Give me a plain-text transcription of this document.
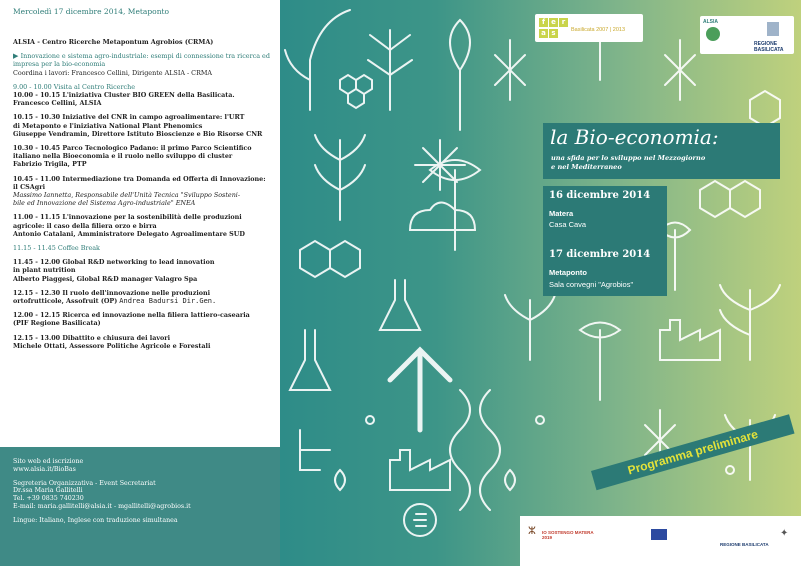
Mercoledì 17 dicembre 2014, Metaponto
ALSIA - Centro Ricerche Metapontum Agrobios (CRMA)
▶ Innovazione e sistema agro-industriale: esempi di connessione tra ricerca ed impresa per la bio-economia
Coordina i lavori: Francesco Cellini, Dirigente ALSIA - CRMA
9.00 - 10.00 Visita al Centro Ricerche
10.00 - 10.15 L'iniziativa Cluster BIO GREEN della Basilicata.
Francesco Cellini, ALSIA
10.15 - 10.30 Iniziative del CNR in campo agroalimentare: l'URT
di Metaponto e l'iniziativa National Plant Phenomics
Giuseppe Vendramin, Direttore Istituto Bioscienze e Bio Risorse CNR
10.30 - 10.45 Parco Tecnologico Padano: il primo Parco Scientifico
italiano nella Bioeconomia e il ruolo nello sviluppo di cluster
Fabrizio Trigila, PTP
10.45 - 11.00 Intermediazione tra Domanda ed Offerta di Innovazione:
il CSAgri
Massimo Iannetta, Responsabile dell'Unità Tecnica "Sviluppo Sosteni-
bile ed Innovazione del Sistema Agro-industriale" ENEA
11.00 - 11.15 L'innovazione per la sostenibilità delle produzioni
agricole: il caso della filiera orzo e birra
Antonio Catalani, Amministratore Delegato Agroalimentare SUD
11.15 - 11.45 Coffee Break
11.45 - 12.00 Global R&D networking to lead innovation
in plant nutrition
Alberto Piaggesi, Global R&D manager Valagro Spa
12.15 - 12.30 Il ruolo dell'innovazione nelle produzioni
ortofrutticole, Assofruit (OP) Andrea Badursi Dir.Gen.
12.00 - 12.15 Ricerca ed innovazione nella filiera lattiero-casearia
(PIF Regione Basilicata)
12.15 - 13.00 Dibattito e chiusura dei lavori
Michele Ottati, Assessore Politiche Agricole e Forestali
Sito web ed iscrizione
www.alsia.it/BioBas
Segreteria Organizzativa - Event Secretariat
Dr.ssa Maria Gallitelli
Tel. +39 0835 740230
E-mail: maria.gallitelli@alsia.it - mgallitelli@agrobios.it
Lingue: Italiano, Inglese con traduzione simultanea
f e
a s
r
Basilicata 2007 | 2013
ALSIA
REGIONE BASILICATA
la Bio-economia:
una sfida per lo sviluppo nel Mezzogiorno
e nel Mediterraneo
16 dicembre 2014
Matera
Casa Cava
17 dicembre 2014
Metaponto
Sala convegni "Agrobios"
Programma preliminare
ⵣ IO SOSTENGO MATERA 2019
REGIONE BASILICATA
✦
